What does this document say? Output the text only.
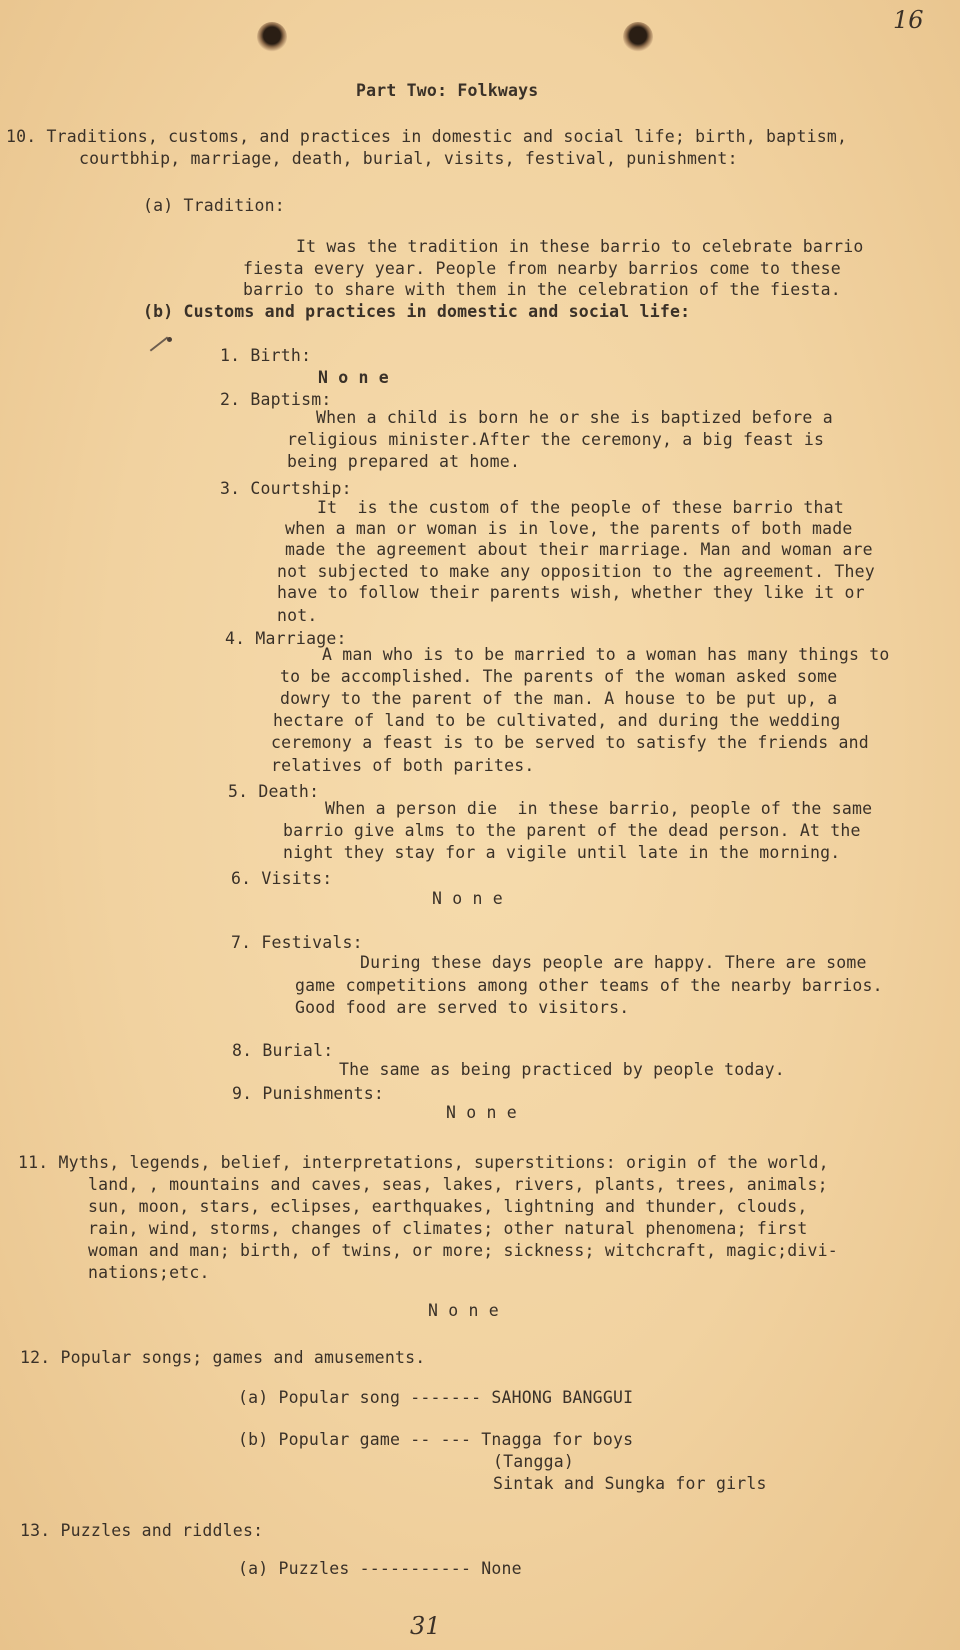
16
Part Two: Folkways
10. Traditions, customs, and practices in domestic and social life; birth, baptism,
courtbhip, marriage, death, burial, visits, festival, punishment:
(a) Tradition:
It was the tradition in these barrio to celebrate barrio
fiesta every year. People from nearby barrios come to these
barrio to share with them in the celebration of the fiesta.
(b) Customs and practices in domestic and social life:
1. Birth:
N o n e
2. Baptism:
When a child is born he or she is baptized before a
religious minister.After the ceremony, a big feast is
being prepared at home.
3. Courtship:
It  is the custom of the people of these barrio that
when a man or woman is in love, the parents of both made
made the agreement about their marriage. Man and woman are
not subjected to make any opposition to the agreement. They
have to follow their parents wish, whether they like it or
not.
4. Marriage:
A man who is to be married to a woman has many things to
to be accomplished. The parents of the woman asked some
dowry to the parent of the man. A house to be put up, a
hectare of land to be cultivated, and during the wedding
ceremony a feast is to be served to satisfy the friends and
relatives of both parites.
5. Death:
When a person die  in these barrio, people of the same
barrio give alms to the parent of the dead person. At the
night they stay for a vigile until late in the morning.
6. Visits:
N o n e
7. Festivals:
During these days people are happy. There are some
game competitions among other teams of the nearby barrios.
Good food are served to visitors.
8. Burial:
The same as being practiced by people today.
9. Punishments:
N o n e
11. Myths, legends, belief, interpretations, superstitions: origin of the world,
land, , mountains and caves, seas, lakes, rivers, plants, trees, animals;
sun, moon, stars, eclipses, earthquakes, lightning and thunder, clouds,
rain, wind, storms, changes of climates; other natural phenomena; first
woman and man; birth, of twins, or more; sickness; witchcraft, magic;divi-
nations;etc.
N o n e
12. Popular songs; games and amusements.
(a) Popular song ------- SAHONG BANGGUI
(b) Popular game -- --- Tnagga for boys
(Tangga)
Sintak and Sungka for girls
13. Puzzles and riddles:
(a) Puzzles ----------- None
31
